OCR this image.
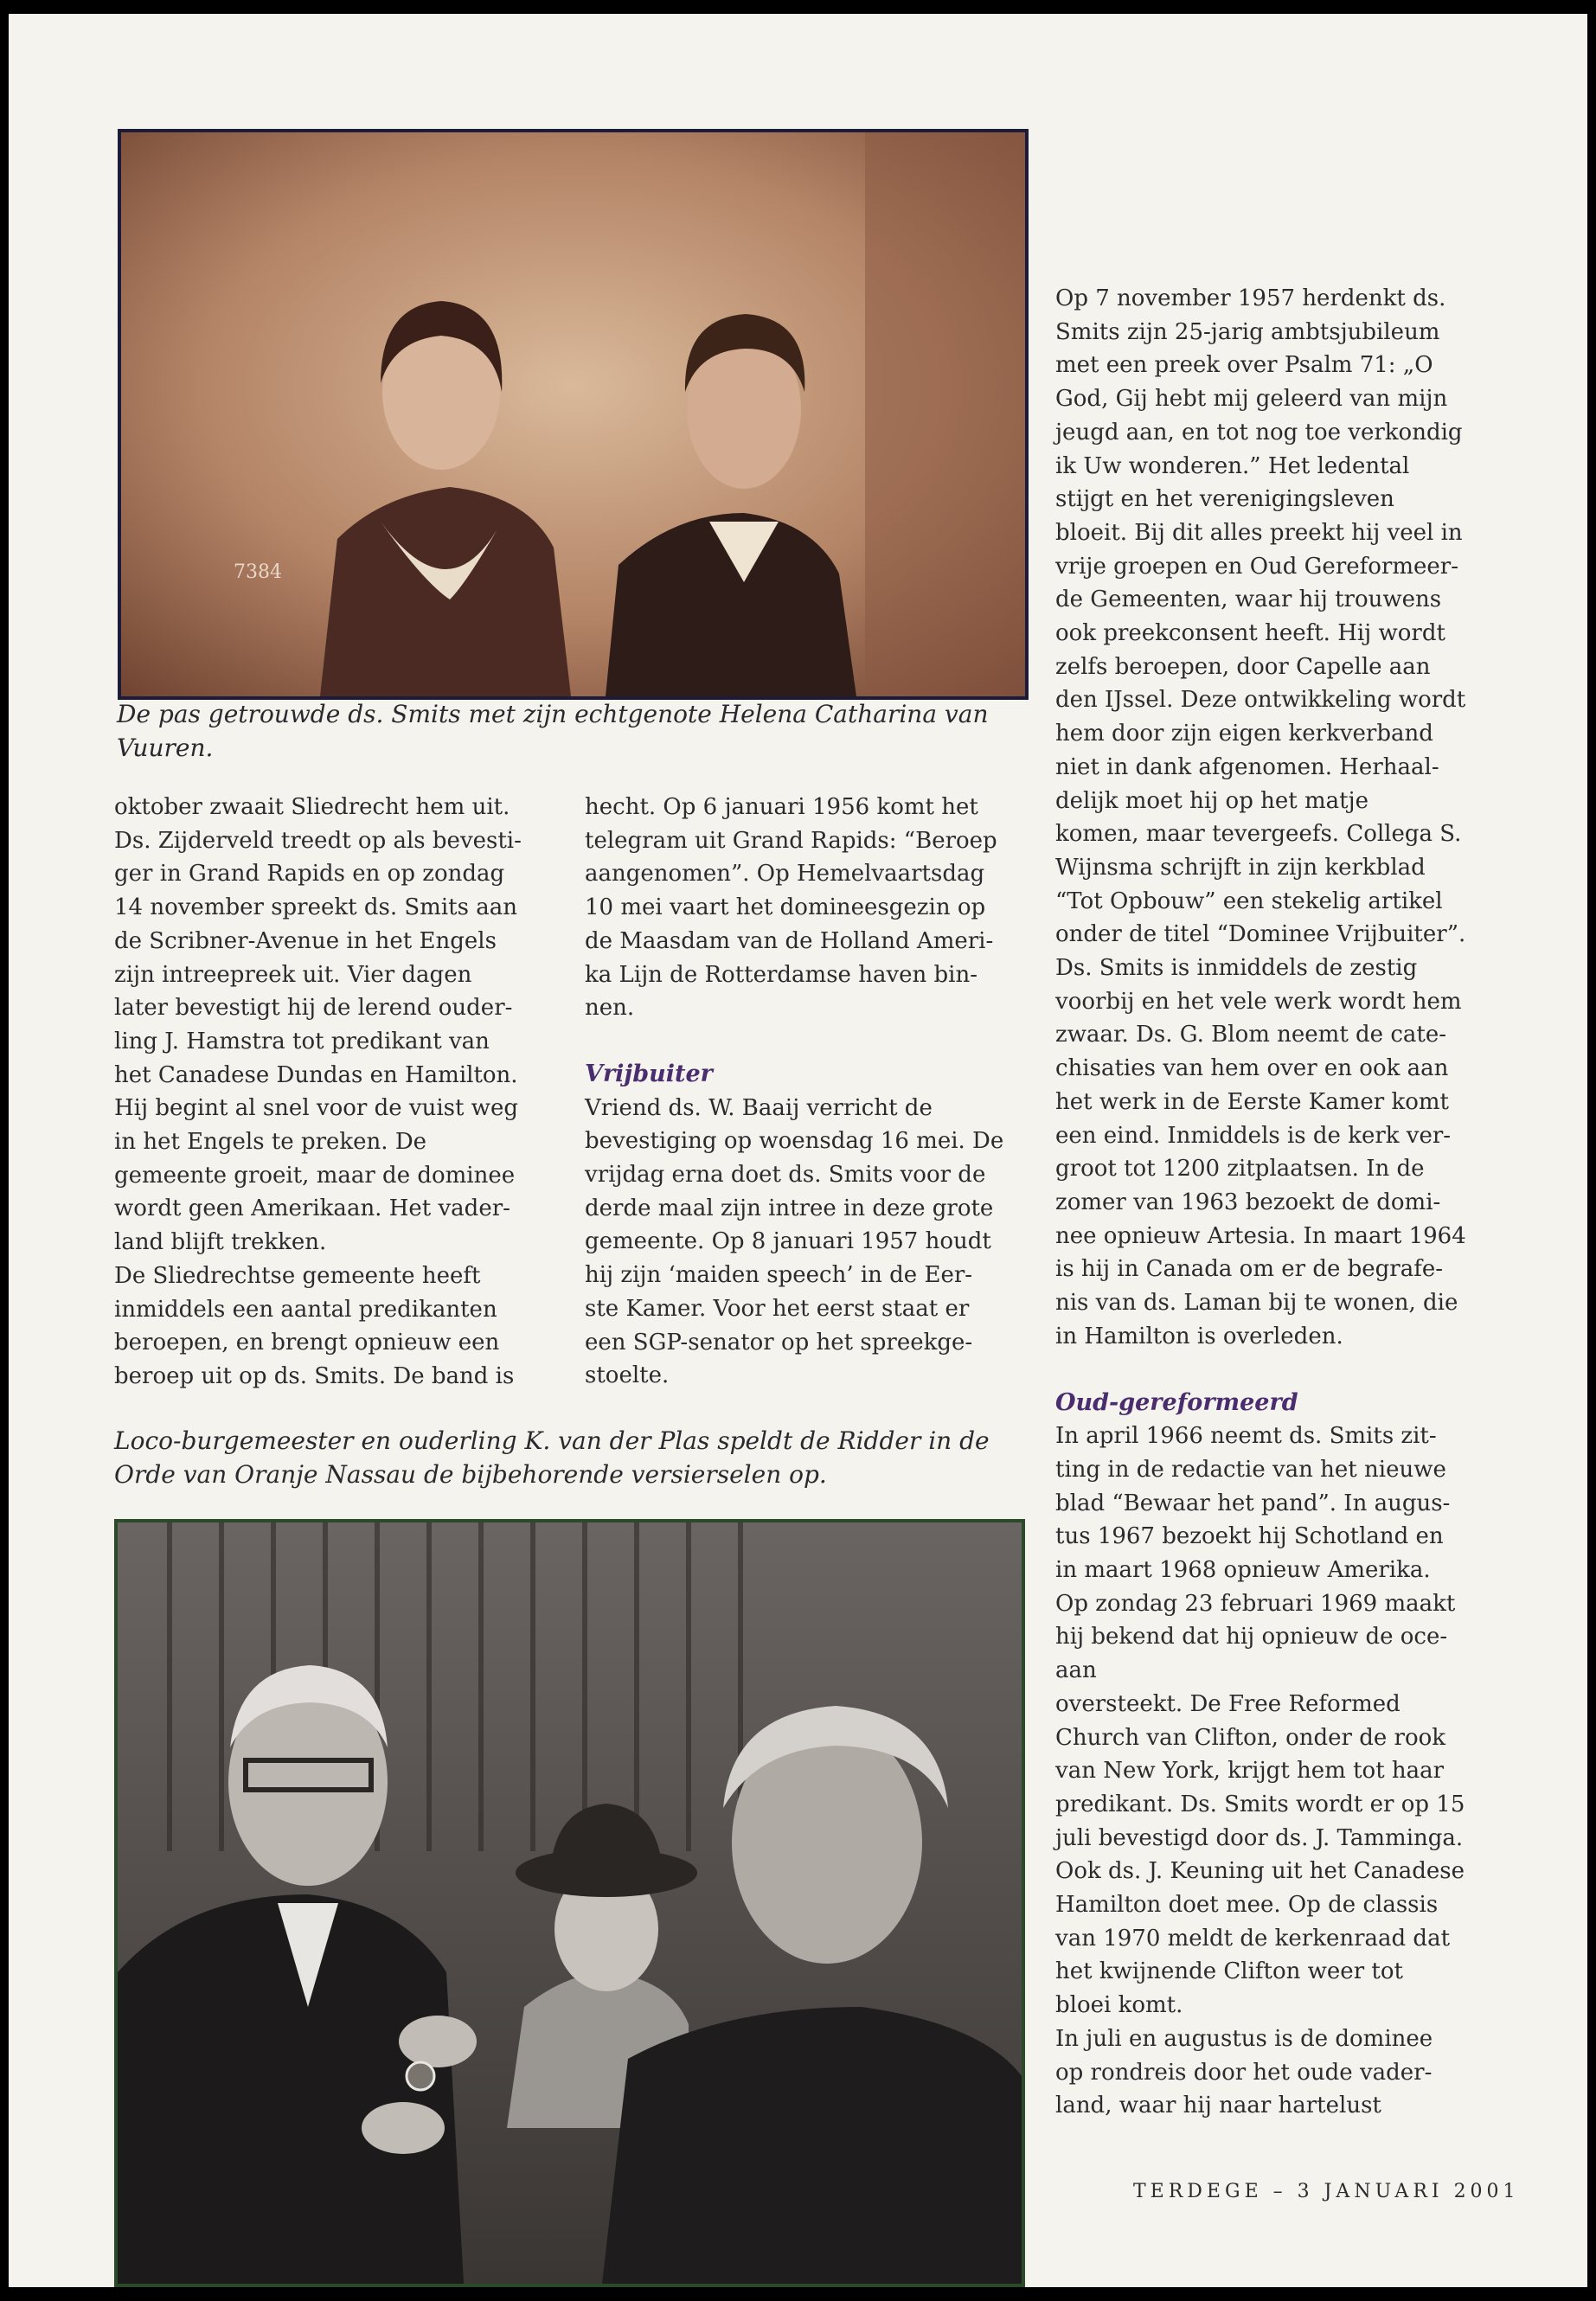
7384

De pas getrouwde ds. Smits met zijn echtgenote Helena Catharina van Vuuren.

oktober zwaait Sliedrecht hem uit.
Ds. Zijderveld treedt op als bevesti-
ger in Grand Rapids en op zondag
14 november spreekt ds. Smits aan
de Scribner-Avenue in het Engels
zijn intreepreek uit. Vier dagen
later bevestigt hij de lerend ouder-
ling J. Hamstra tot predikant van
het Canadese Dundas en Hamilton.
Hij begint al snel voor de vuist weg
in het Engels te preken. De
gemeente groeit, maar de dominee
wordt geen Amerikaan. Het vader-
land blijft trekken.
De Sliedrechtse gemeente heeft
inmiddels een aantal predikanten
beroepen, en brengt opnieuw een
beroep uit op ds. Smits. De band is

hecht. Op 6 januari 1956 komt het
telegram uit Grand Rapids: “Beroep
aangenomen”. Op Hemelvaartsdag
10 mei vaart het domineesgezin op
de Maasdam van de Holland Ameri-
ka Lijn de Rotterdamse haven bin-
nen.

Vrijbuiter

Vriend ds. W. Baaij verricht de
bevestiging op woensdag 16 mei. De
vrijdag erna doet ds. Smits voor de
derde maal zijn intree in deze grote
gemeente. Op 8 januari 1957 houdt
hij zijn ‘maiden speech’ in de Eer-
ste Kamer. Voor het eerst staat er
een SGP-senator op het spreekge-
stoelte.

Op 7 november 1957 herdenkt ds.
Smits zijn 25-jarig ambtsjubileum
met een preek over Psalm 71: „O
God, Gij hebt mij geleerd van mijn
jeugd aan, en tot nog toe verkondig
ik Uw wonderen.” Het ledental
stijgt en het verenigingsleven
bloeit. Bij dit alles preekt hij veel in
vrije groepen en Oud Gereformeer-
de Gemeenten, waar hij trouwens
ook preekconsent heeft. Hij wordt
zelfs beroepen, door Capelle aan
den IJssel. Deze ontwikkeling wordt
hem door zijn eigen kerkverband
niet in dank afgenomen. Herhaal-
delijk moet hij op het matje
komen, maar tevergeefs. Collega S.
Wijnsma schrijft in zijn kerkblad
“Tot Opbouw” een stekelig artikel
onder de titel “Dominee Vrijbuiter”.
Ds. Smits is inmiddels de zestig
voorbij en het vele werk wordt hem
zwaar. Ds. G. Blom neemt de cate-
chisaties van hem over en ook aan
het werk in de Eerste Kamer komt
een eind. Inmiddels is de kerk ver-
groot tot 1200 zitplaatsen. In de
zomer van 1963 bezoekt de domi-
nee opnieuw Artesia. In maart 1964
is hij in Canada om er de begrafe-
nis van ds. Laman bij te wonen, die
in Hamilton is overleden.

Oud-gereformeerd

In april 1966 neemt ds. Smits zit-
ting in de redactie van het nieuwe
blad “Bewaar het pand”. In augus-
tus 1967 bezoekt hij Schotland en
in maart 1968 opnieuw Amerika.
Op zondag 23 februari 1969 maakt
hij bekend dat hij opnieuw de oce-
aan
oversteekt. De Free Reformed
Church van Clifton, onder de rook
van New York, krijgt hem tot haar
predikant. Ds. Smits wordt er op 15
juli bevestigd door ds. J. Tamminga.
Ook ds. J. Keuning uit het Canadese
Hamilton doet mee. Op de classis
van 1970 meldt de kerkenraad dat
het kwijnende Clifton weer tot
bloei komt.
In juli en augustus is de dominee
op rondreis door het oude vader-
land, waar hij naar hartelust

Loco-burgemeester en ouderling K. van der Plas speldt de Ridder in de Orde van Oranje Nassau de bijbehorende versierselen op.

TERDEGE – 3 JANUARI 2001
